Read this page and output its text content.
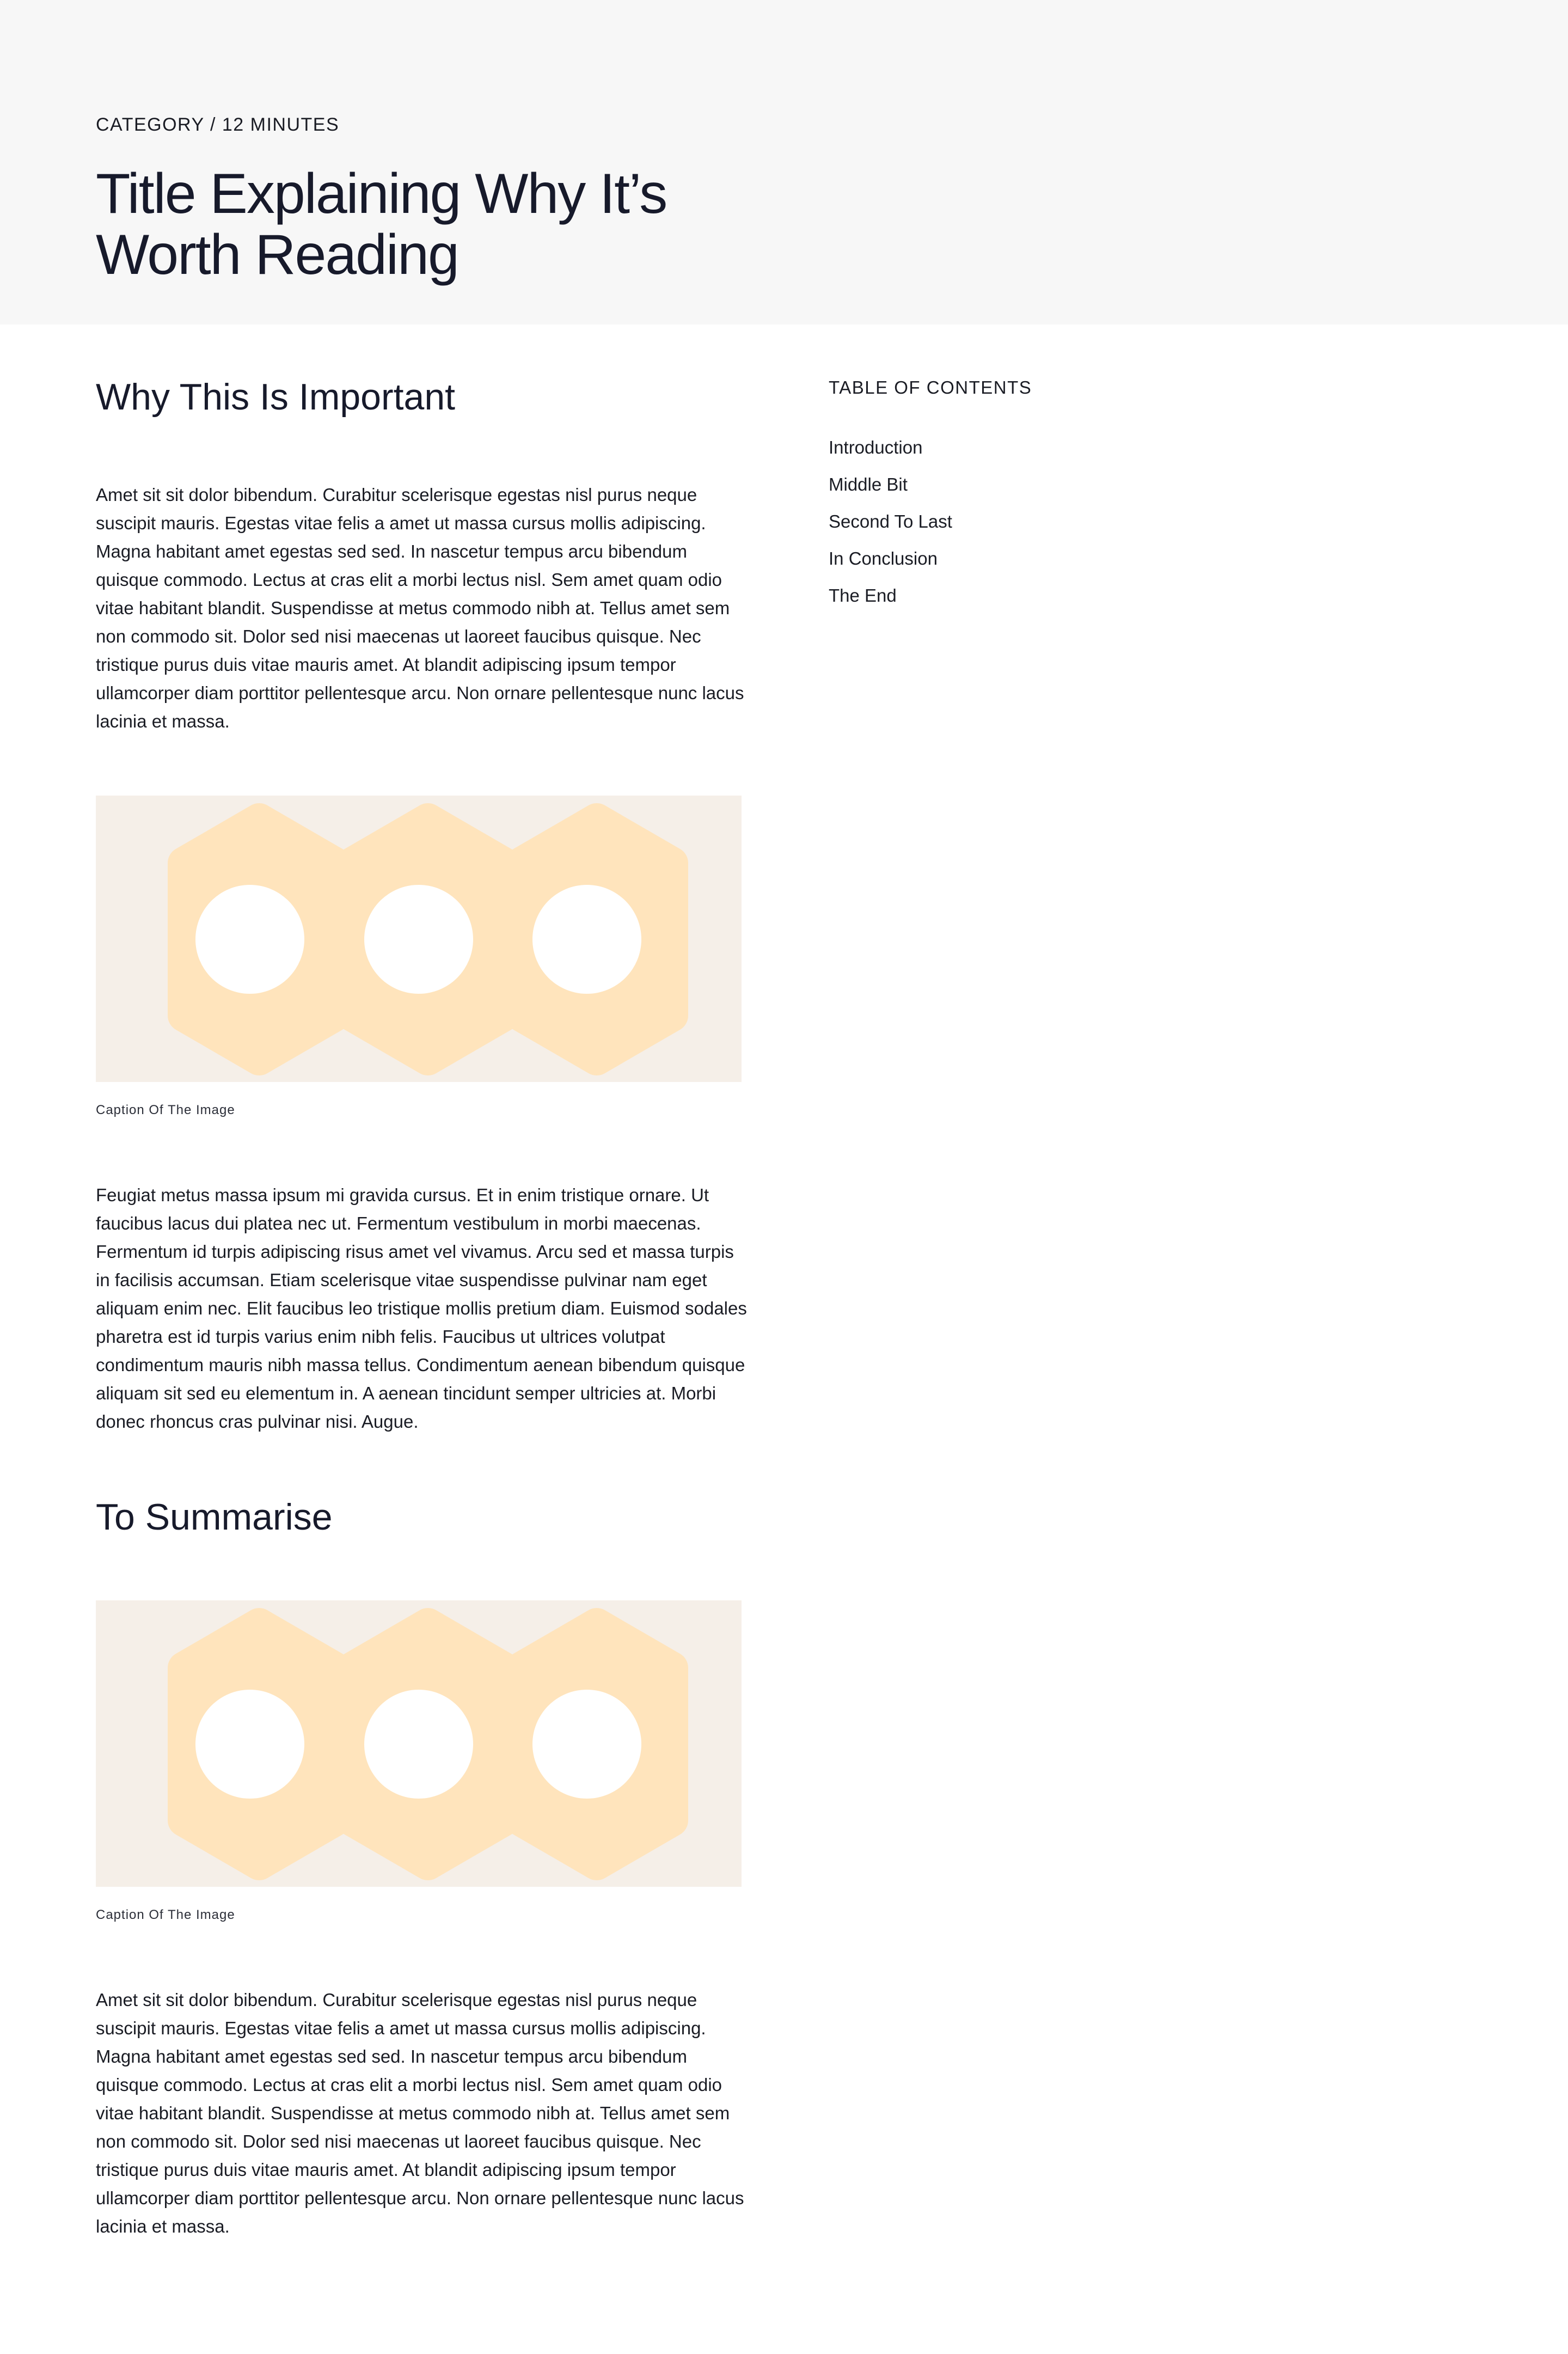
CATEGORY / 12 MINUTES
Title Explaining Why It’s Worth Reading
Why This Is Important

Amet sit sit dolor bibendum. Curabitur scelerisque egestas nisl purus neque suscipit mauris. Egestas vitae felis a amet ut massa cursus mollis adipiscing. Magna habitant amet egestas sed sed. In nascetur tempus arcu bibendum quisque commodo. Lectus at cras elit a morbi lectus nisl. Sem amet quam odio vitae habitant blandit. Suspendisse at metus commodo nibh at. Tellus amet sem non commodo sit. Dolor sed nisi maecenas ut laoreet faucibus quisque. Nec tristique purus duis vitae mauris amet. At blandit adipiscing ipsum tempor ullamcorper diam porttitor pellentesque arcu. Non ornare pellentesque nunc lacus lacinia et massa.

Caption Of The Image

Feugiat metus massa ipsum mi gravida cursus. Et in enim tristique ornare. Ut faucibus lacus dui platea nec ut. Fermentum vestibulum in morbi maecenas. Fermentum id turpis adipiscing risus amet vel vivamus. Arcu sed et massa turpis in facilisis accumsan. Etiam scelerisque vitae suspendisse pulvinar nam eget aliquam enim nec. Elit faucibus leo tristique mollis pretium diam. Euismod sodales pharetra est id turpis varius enim nibh felis. Faucibus ut ultrices volutpat condimentum mauris nibh massa tellus. Condimentum aenean bibendum quisque aliquam sit sed eu elementum in. A aenean tincidunt semper ultricies at. Morbi donec rhoncus cras pulvinar nisi. Augue.

To Summarise
Caption Of The Image

Amet sit sit dolor bibendum. Curabitur scelerisque egestas nisl purus neque suscipit mauris. Egestas vitae felis a amet ut massa cursus mollis adipiscing. Magna habitant amet egestas sed sed. In nascetur tempus arcu bibendum quisque commodo. Lectus at cras elit a morbi lectus nisl. Sem amet quam odio vitae habitant blandit. Suspendisse at metus commodo nibh at. Tellus amet sem non commodo sit. Dolor sed nisi maecenas ut laoreet faucibus quisque. Nec tristique purus duis vitae mauris amet. At blandit adipiscing ipsum tempor ullamcorper diam porttitor pellentesque arcu. Non ornare pellentesque nunc lacus lacinia et massa.

TABLE OF CONTENTS
Introduction
Middle Bit
Second To Last
In Conclusion
The End
